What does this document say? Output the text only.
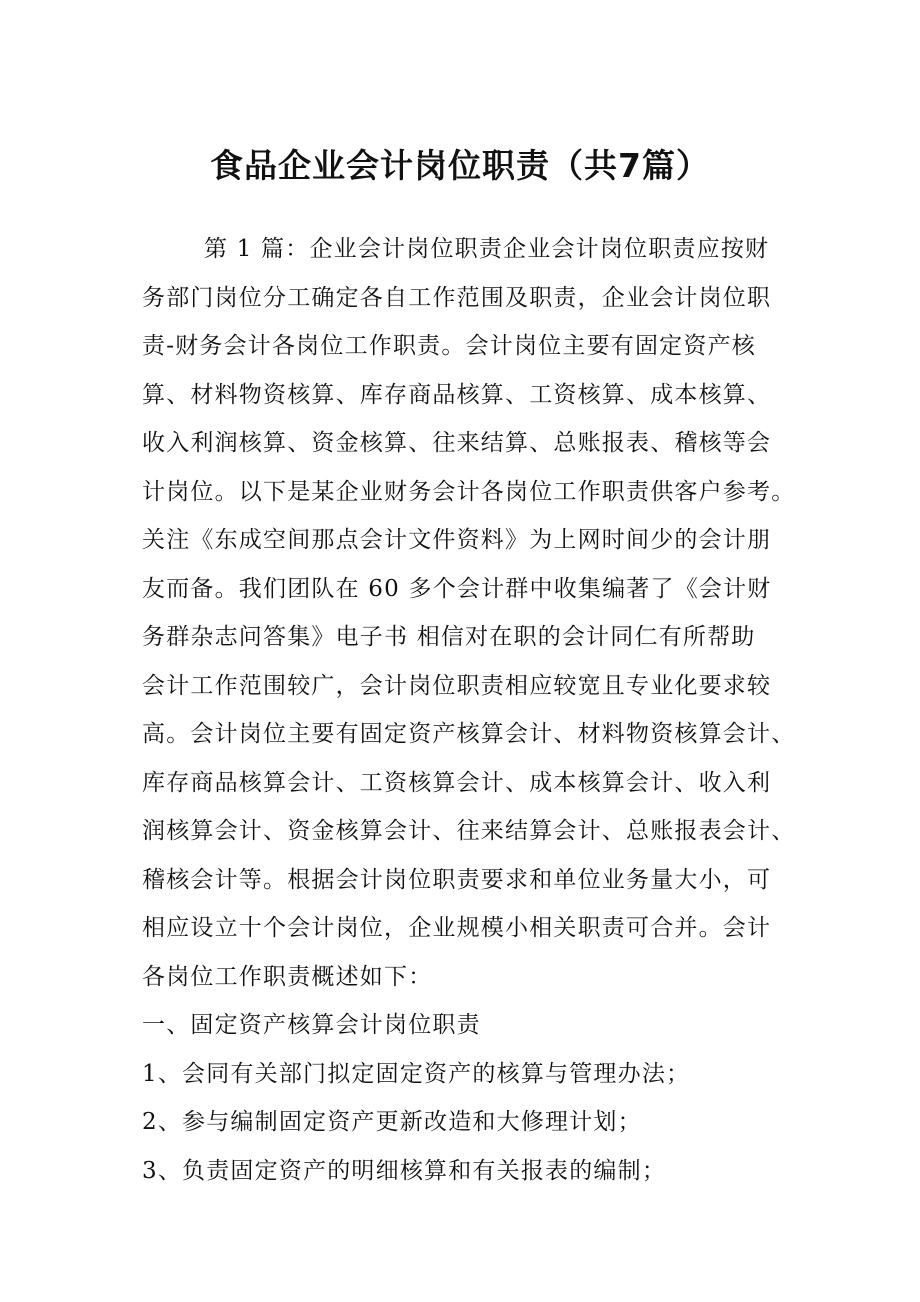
食品企业会计岗位职责（共7篇）
第 1 篇：企业会计岗位职责企业会计岗位职责应按财
务部门岗位分工确定各自工作范围及职责，企业会计岗位职
责-财务会计各岗位工作职责。会计岗位主要有固定资产核
算、材料物资核算、库存商品核算、工资核算、成本核算、
收入利润核算、资金核算、往来结算、总账报表、稽核等会
计岗位。以下是某企业财务会计各岗位工作职责供客户参考。
关注《东成空间那点会计文件资料》为上网时间少的会计朋
友而备。我们团队在 60 多个会计群中收集编著了《会计财
务群杂志问答集》电子书 相信对在职的会计同仁有所帮助
会计工作范围较广，会计岗位职责相应较宽且专业化要求较
高。会计岗位主要有固定资产核算会计、材料物资核算会计、
库存商品核算会计、工资核算会计、成本核算会计、收入利
润核算会计、资金核算会计、往来结算会计、总账报表会计、
稽核会计等。根据会计岗位职责要求和单位业务量大小，可
相应设立十个会计岗位，企业规模小相关职责可合并。会计
各岗位工作职责概述如下：
一、固定资产核算会计岗位职责
1、会同有关部门拟定固定资产的核算与管理办法；
2、参与编制固定资产更新改造和大修理计划；
3、负责固定资产的明细核算和有关报表的编制；
